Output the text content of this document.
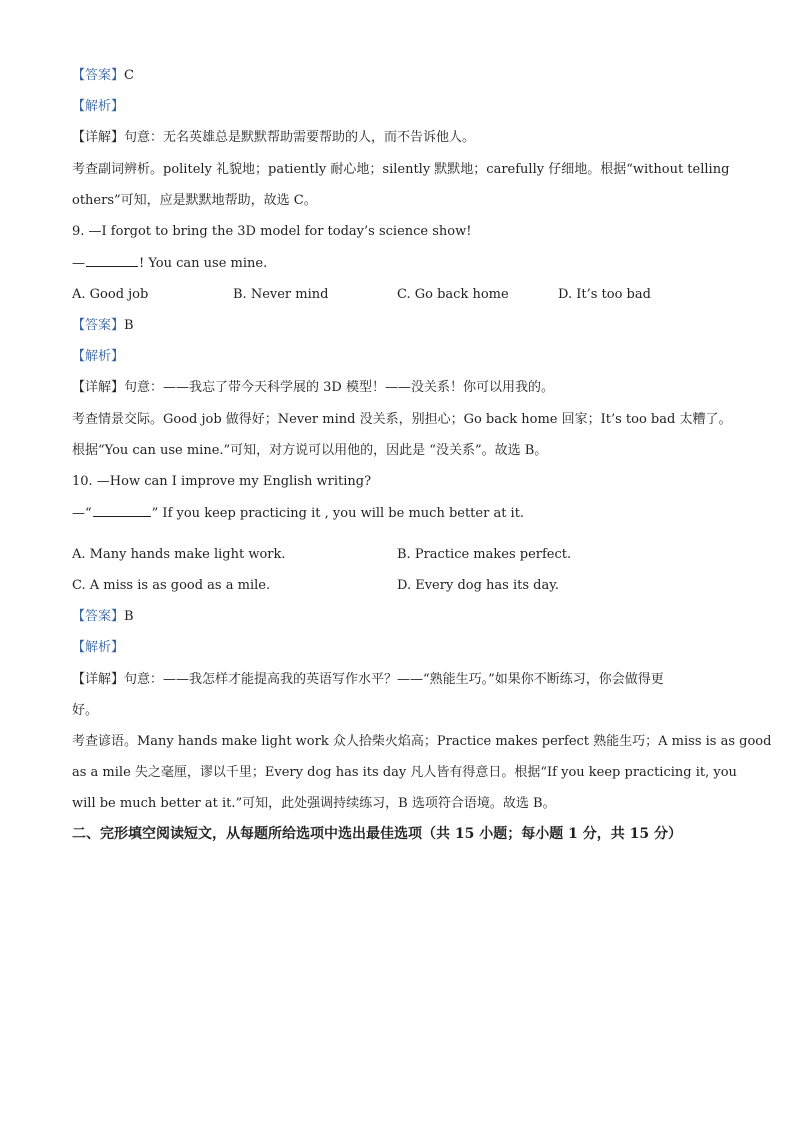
【答案】C
【解析】
【详解】句意：无名英雄总是默默帮助需要帮助的人，而不告诉他人。
考查副词辨析。politely 礼貌地；patiently 耐心地；silently 默默地；carefully 仔细地。根据“without telling
others”可知，应是默默地帮助，故选 C。
9. —I forgot to bring the 3D model for today’s science show!
—	! You can use mine.
A. Good job	B. Never mind	C. Go back home	D. It’s too bad
【答案】B
【解析】
【详解】句意：——我忘了带今天科学展的 3D 模型！——没关系！你可以用我的。
考查情景交际。Good job 做得好；Never mind 没关系，别担心；Go back home 回家；It’s too bad 太糟了。
根据“You can use mine.”可知，对方说可以用他的，因此是 “没关系”。故选 B。
10. —How can I improve my English writing?
—“	” If you keep practicing it , you will be much better at it.
A. Many hands make light work.	B. Practice makes perfect.
C. A miss is as good as a mile.	D. Every dog has its day.
【答案】B
【解析】
【详解】句意：——我怎样才能提高我的英语写作水平？——“熟能生巧。”如果你不断练习，你会做得更
好。
考查谚语。Many hands make light work 众人拾柴火焰高；Practice makes perfect 熟能生巧；A miss is as good
as a mile 失之毫厘，谬以千里；Every dog has its day 凡人皆有得意日。根据“If you keep practicing it, you
will be much better at it.”可知，此处强调持续练习，B 选项符合语境。故选 B。
二、完形填空阅读短文，从每题所给选项中选出最佳选项（共 15 小题；每小题 1 分，共 15 分）
